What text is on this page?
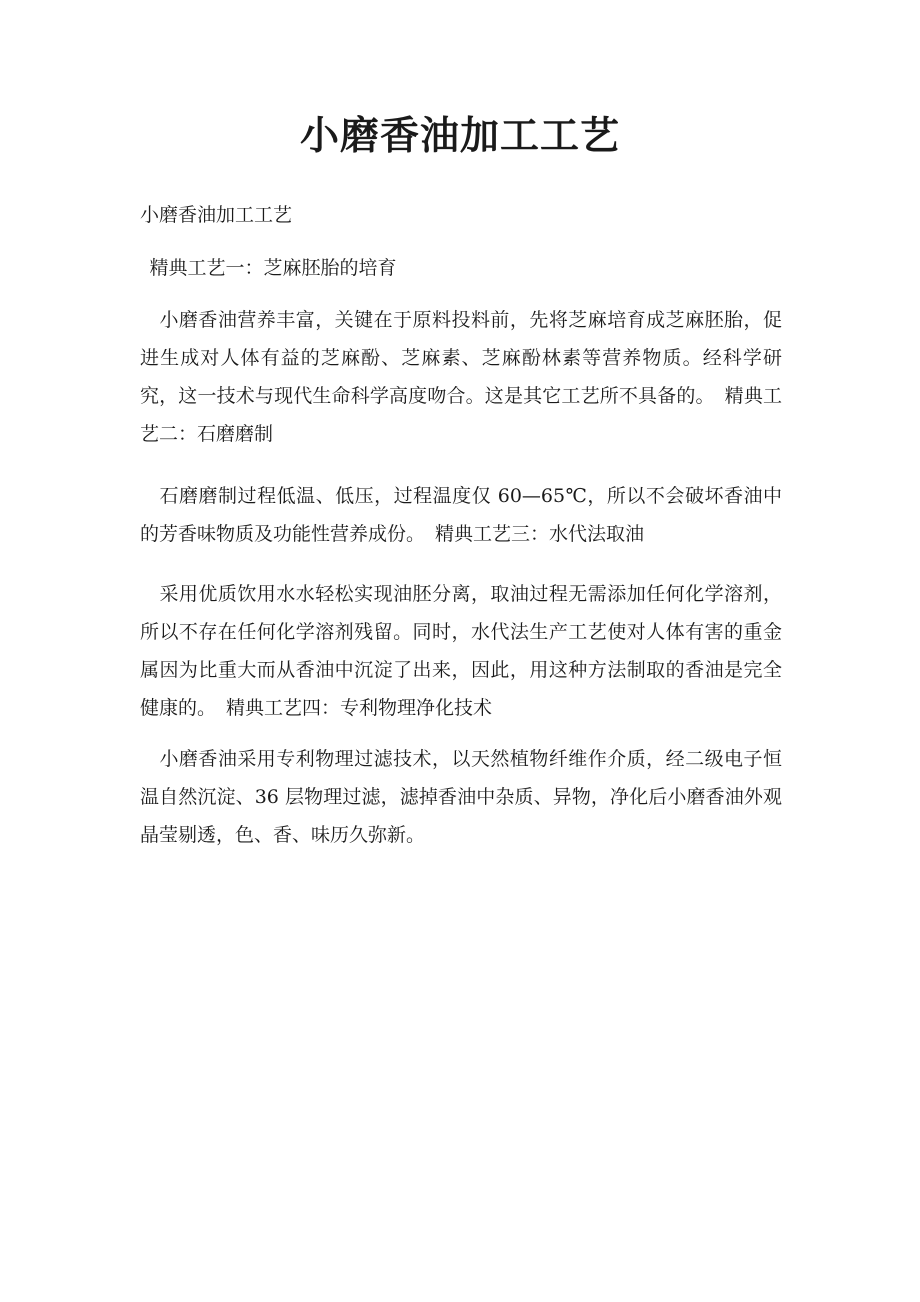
小磨香油加工工艺

小磨香油加工工艺

 精典工艺一：芝麻胚胎的培育

小磨香油营养丰富，关键在于原料投料前，先将芝麻培育成芝麻胚胎，促进生成对人体有益的芝麻酚、芝麻素、芝麻酚林素等营养物质。经科学研究，这一技术与现代生命科学高度吻合。这是其它工艺所不具备的。 精典工艺二：石磨磨制

石磨磨制过程低温、低压，过程温度仅 60—65℃，所以不会破坏香油中的芳香味物质及功能性营养成份。 精典工艺三：水代法取油

采用优质饮用水水轻松实现油胚分离，取油过程无需添加任何化学溶剂，所以不存在任何化学溶剂残留。同时，水代法生产工艺使对人体有害的重金属因为比重大而从香油中沉淀了出来，因此，用这种方法制取的香油是完全健康的。 精典工艺四：专利物理净化技术

小磨香油采用专利物理过滤技术，以天然植物纤维作介质，经二级电子恒温自然沉淀、36 层物理过滤，滤掉香油中杂质、异物，净化后小磨香油外观晶莹剔透，色、香、味历久弥新。
